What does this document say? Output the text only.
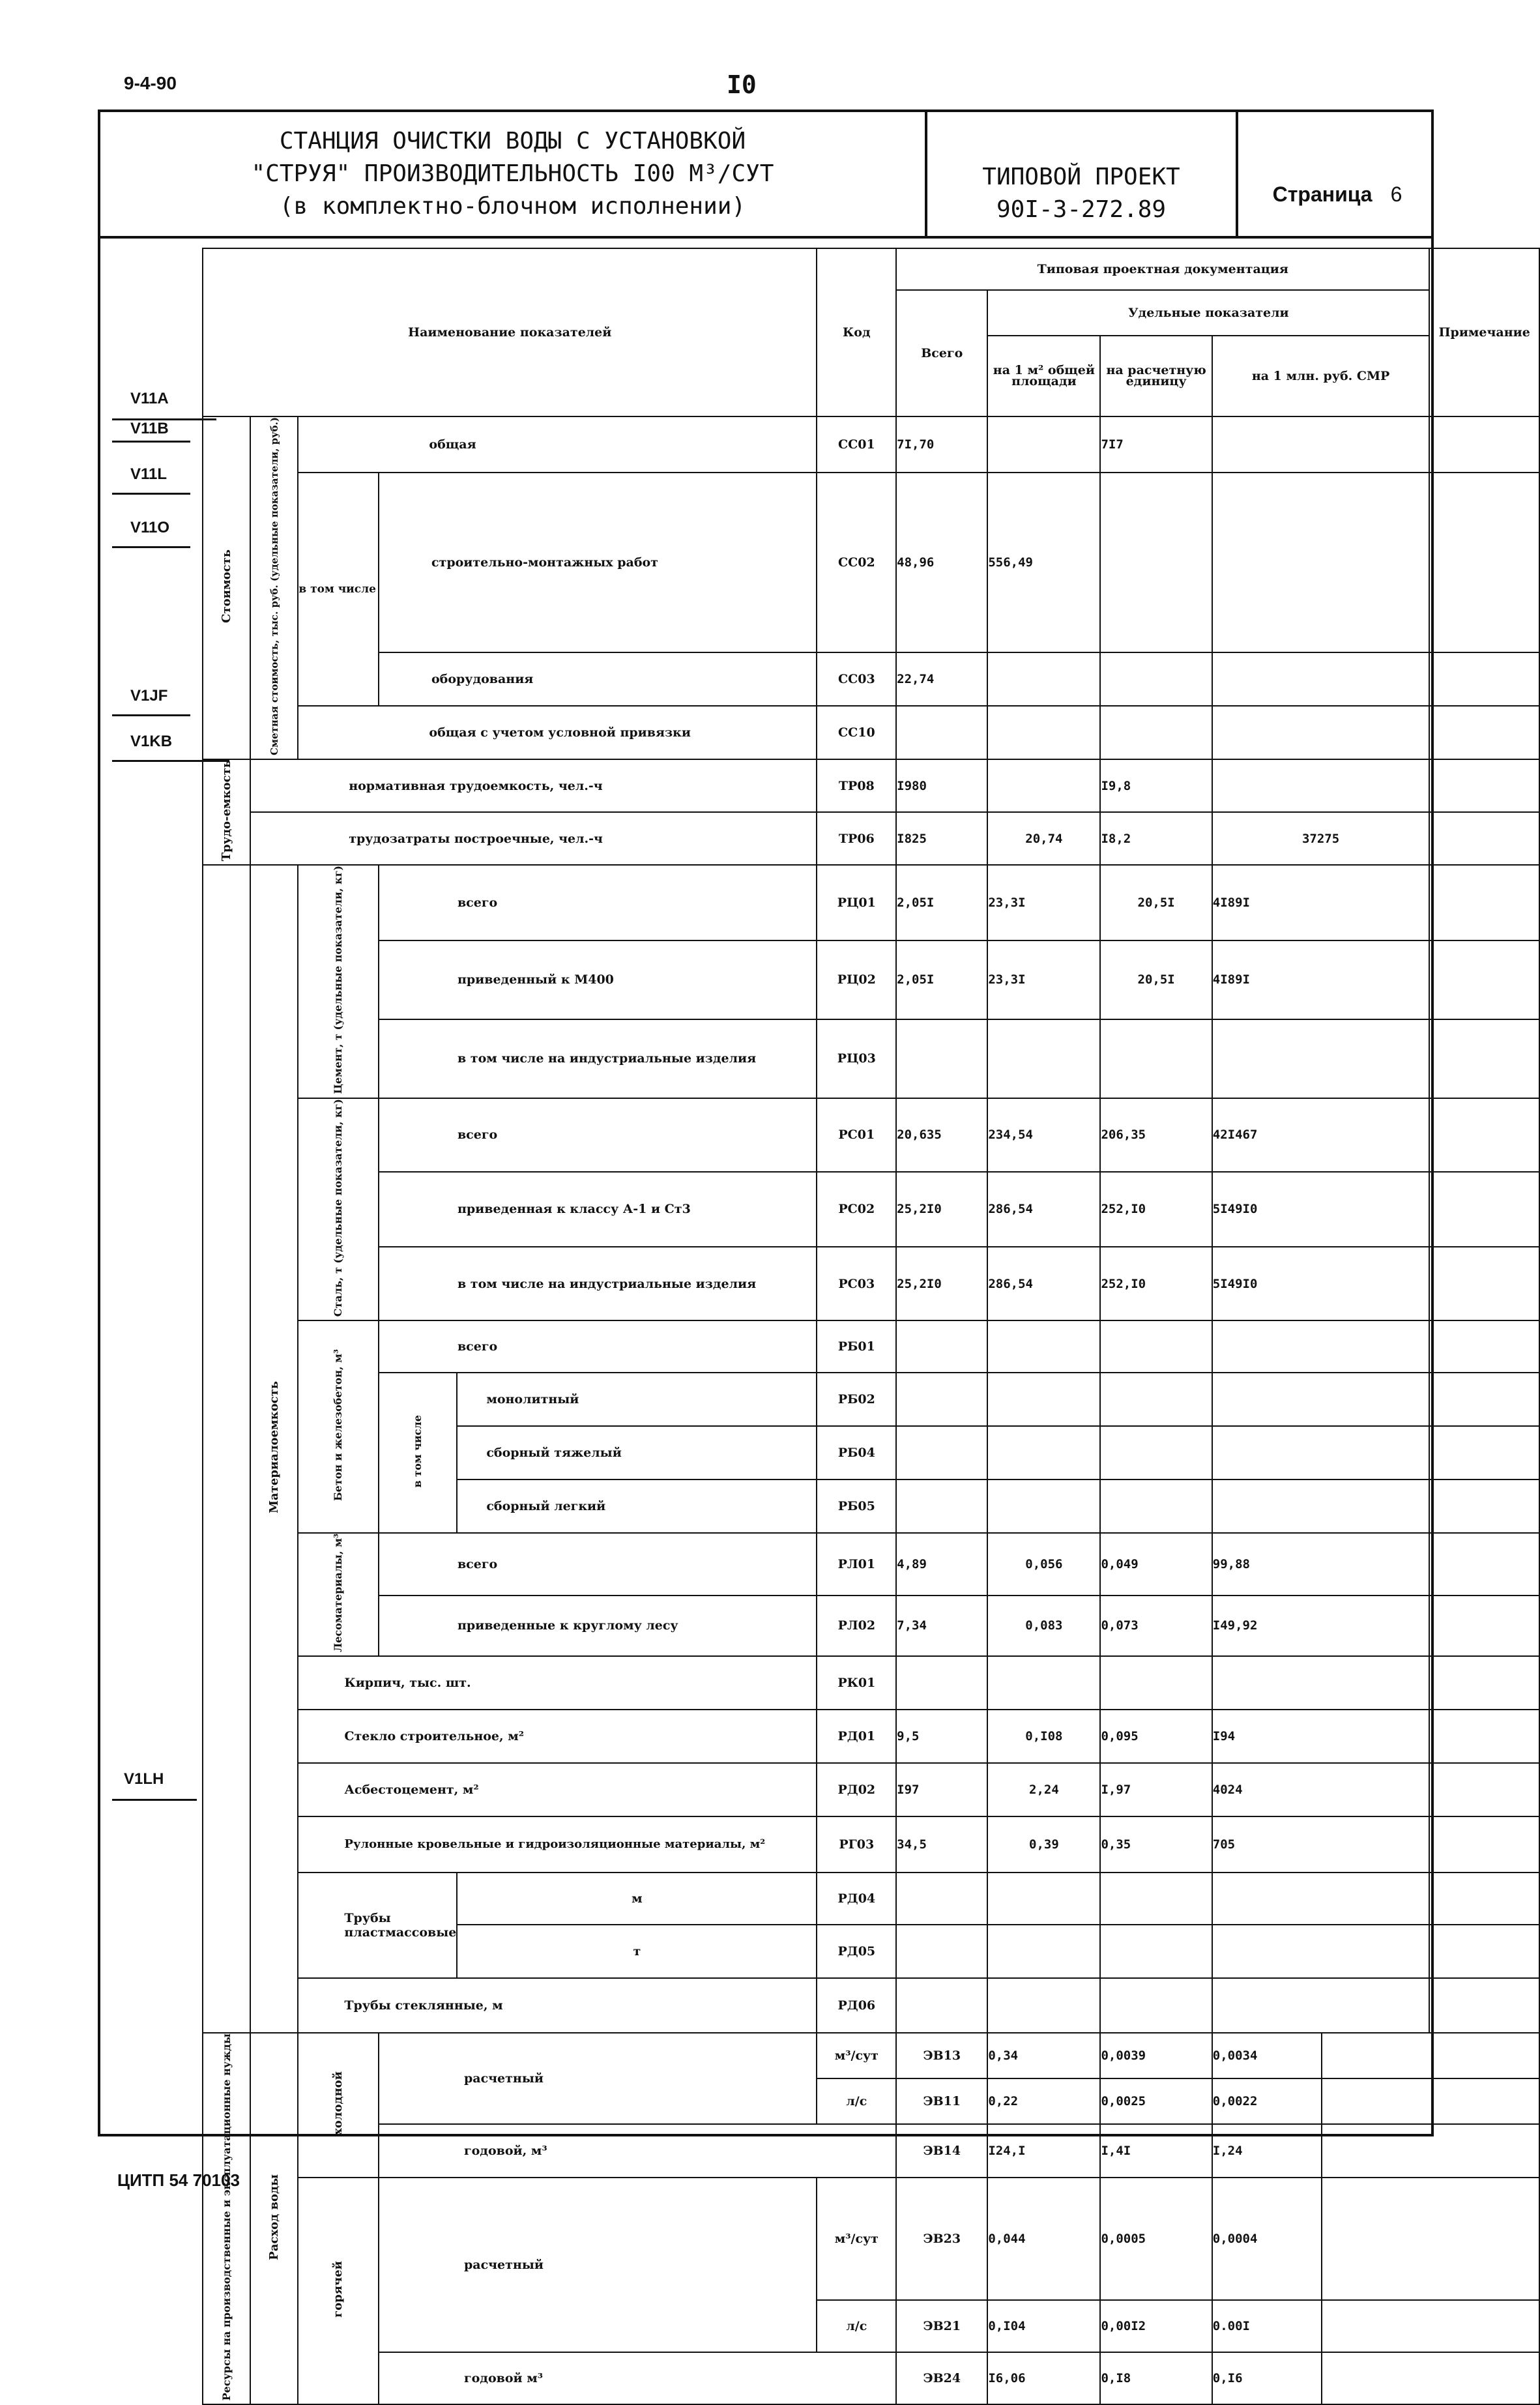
9-4-90	I0
СТАНЦИЯ ОЧИСТКИ ВОДЫ С УСТАНОВКОЙ
"СТРУЯ" ПРОИЗВОДИТЕЛЬНОСТЬ I00 М³/СУТ
(в комплектно-блочном исполнении)
ТИПОВОЙ ПРОЕКТ
90I-3-272.89
Страница 6
V11A
V11B
V11L
V11O
V1JF
V1KB
V1LH
Наименование показателей					Код	Типовая проектная документация					Примечание
						Всего	Удельные показатели				
							на 1 м² общей площади	на расчетную единицу	на 1 млн. руб. СМР		
Стоимость	Сметная стоимость, тыс. руб. (удельные показатели, руб.)	общая			СС01	7I,70		7I7			
		в том числе	строительно-монтажных работ		СС02	48,96	556,49				
			оборудования		СС03	22,74					
		общая с учетом условной привязки			СС10						
Трудо-емкость	нормативная трудоемкость, чел.-ч				ТР08	I980		I9,8			
	трудозатраты построечные, чел.-ч				ТР06	I825	20,74	I8,2	37275		
	Материалоемкость	Цемент, т (удельные показатели, кг)	всего		РЦ01	2,05I	23,3I	20,5I	4I89I		
			приведенный к М400		РЦ02	2,05I	23,3I	20,5I	4I89I		
			в том числе на индустриальные изделия		РЦ03						
		Сталь, т (удельные показатели, кг)	всего		РС01	20,635	234,54	206,35	42I467		
			приведенная к классу А-1 и Ст3		РС02	25,2I0	286,54	252,I0	5I49I0		
			в том числе на индустриальные изделия		РС03	25,2I0	286,54	252,I0	5I49I0		
		Бетон и железобетон, м³	всего		РБ01						
			в том числе	монолитный	РБ02						
				сборный тяжелый	РБ04						
				сборный легкий	РБ05						
		Лесоматериалы, м³	всего		РЛ01	4,89	0,056	0,049	99,88		
			приведенные к круглому лесу		РЛ02	7,34	0,083	0,073	I49,92		
		Кирпич, тыс. шт.			РК01						
		Стекло строительное, м²			РД01	9,5	0,I08	0,095	I94		
		Асбестоцемент, м²			РД02	I97	2,24	I,97	4024		
		Рулонные кровельные и гидроизоляционные материалы, м²			РГ03	34,5	0,39	0,35	705		
		Трубы пластмассовые		м	РД04						
				т	РД05						
		Трубы стеклянные, м			РД06						
Ресурсы на производственные и эксплуатационные нужды	Расход воды	холодной	расчетный		м³/сут	ЭВ13	0,34	0,0039	0,0034		
					л/с	ЭВ11	0,22	0,0025	0,0022		
			годовой, м³			ЭВ14	I24,I	I,4I	I,24		
		горячей	расчетный		м³/сут	ЭВ23	0,044	0,0005	0,0004		
					л/с	ЭВ21	0,I04	0,00I2	0.00I		
			годовой м³			ЭВ24	I6,06	0,I8	0,I6		
ЦИТП 54 70103
